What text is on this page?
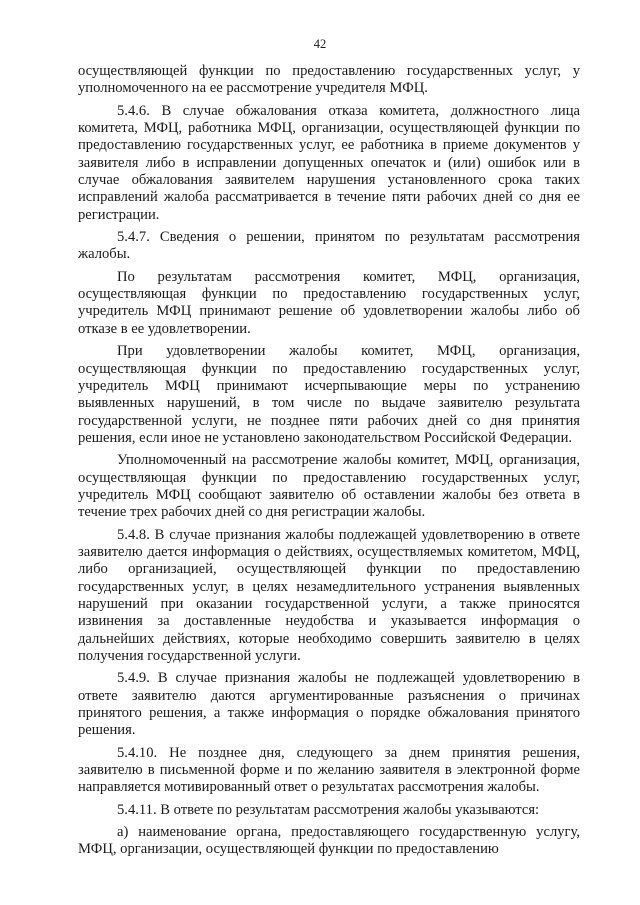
42

осуществляющей функции по предоставлению государственных услуг, у уполномоченного на ее рассмотрение учредителя МФЦ.

5.4.6. В случае обжалования отказа комитета, должностного лица комитета, МФЦ, работника МФЦ, организации, осуществляющей функции по предоставлению государственных услуг, ее работника в приеме документов у заявителя либо в исправлении допущенных опечаток и (или) ошибок или в случае обжалования заявителем нарушения установленного срока таких исправлений жалоба рассматривается в течение пяти рабочих дней со дня ее регистрации.

5.4.7. Сведения о решении, принятом по результатам рассмотрения жалобы.

По результатам рассмотрения комитет, МФЦ, организация, осуществляющая функции по предоставлению государственных услуг, учредитель МФЦ принимают решение об удовлетворении жалобы либо об отказе в ее удовлетворении.

При удовлетворении жалобы комитет, МФЦ, организация, осуществляющая функции по предоставлению государственных услуг, учредитель МФЦ принимают исчерпывающие меры по устранению выявленных нарушений, в том числе по выдаче заявителю результата государственной услуги, не позднее пяти рабочих дней со дня принятия решения, если иное не установлено законодательством Российской Федерации.

Уполномоченный на рассмотрение жалобы комитет, МФЦ, организация, осуществляющая функции по предоставлению государственных услуг, учредитель МФЦ сообщают заявителю об оставлении жалобы без ответа в течение трех рабочих дней со дня регистрации жалобы.

5.4.8. В случае признания жалобы подлежащей удовлетворению в ответе заявителю дается информация о действиях, осуществляемых комитетом, МФЦ, либо организацией, осуществляющей функции по предоставлению государственных услуг, в целях незамедлительного устранения выявленных нарушений при оказании государственной услуги, а также приносятся извинения за доставленные неудобства и указывается информация о дальнейших действиях, которые необходимо совершить заявителю в целях получения государственной услуги.

5.4.9. В случае признания жалобы не подлежащей удовлетворению в ответе заявителю даются аргументированные разъяснения о причинах принятого решения, а также информация о порядке обжалования принятого решения.

5.4.10. Не позднее дня, следующего за днем принятия решения, заявителю в письменной форме и по желанию заявителя в электронной форме направляется мотивированный ответ о результатах рассмотрения жалобы.

5.4.11. В ответе по результатам рассмотрения жалобы указываются:

а) наименование органа, предоставляющего государственную услугу, МФЦ, организации, осуществляющей функции по предоставлению
